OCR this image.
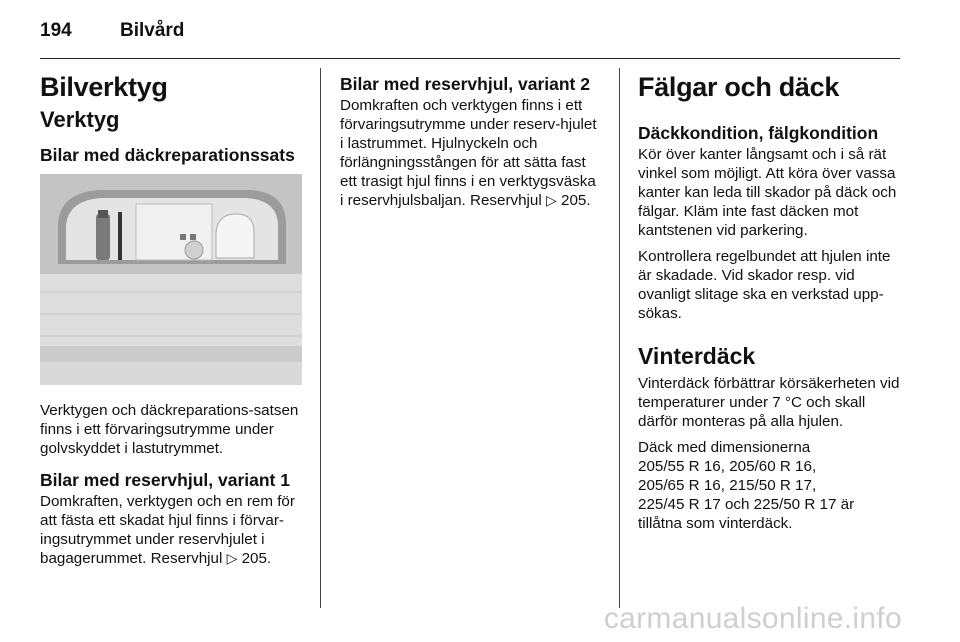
194	Bilvård
Bilverktyg
Verktyg
Bilar med däckreparationssats
Verktygen och däckreparations-satsen finns i ett förvaringsutrymme under golvskyddet i lastutrymmet.
Bilar med reservhjul, variant 1
Domkraften, verktygen och en rem för att fästa ett skadat hjul finns i förvar-ingsutrymmet under reservhjulet i bagagerummet. Reservhjul ▷ 205.
Bilar med reservhjul, variant 2
Domkraften och verktygen finns i ett förvaringsutrymme under reserv-hjulet i lastrummet. Hjulnyckeln och förlängningsstången för att sätta fast ett trasigt hjul finns i en verktygsväska i reservhjulsbaljan. Reservhjul ▷ 205.
Fälgar och däck
Däckkondition, fälgkondition
Kör över kanter långsamt och i så rät vinkel som möjligt. Att köra över vassa kanter kan leda till skador på däck och fälgar. Kläm inte fast däcken mot kantstenen vid parkering.
Kontrollera regelbundet att hjulen inte är skadade. Vid skador resp. vid ovanligt slitage ska en verkstad upp-sökas.
Vinterdäck
Vinterdäck förbättrar körsäkerheten vid temperaturer under 7 °C och skall därför monteras på alla hjulen.
Däck med dimensionerna
205/55 R 16, 205/60 R 16,
205/65 R 16, 215/50 R 17,
225/45 R 17 och 225/50 R 17 är
tillåtna som vinterdäck.
carmanualsonline.info
